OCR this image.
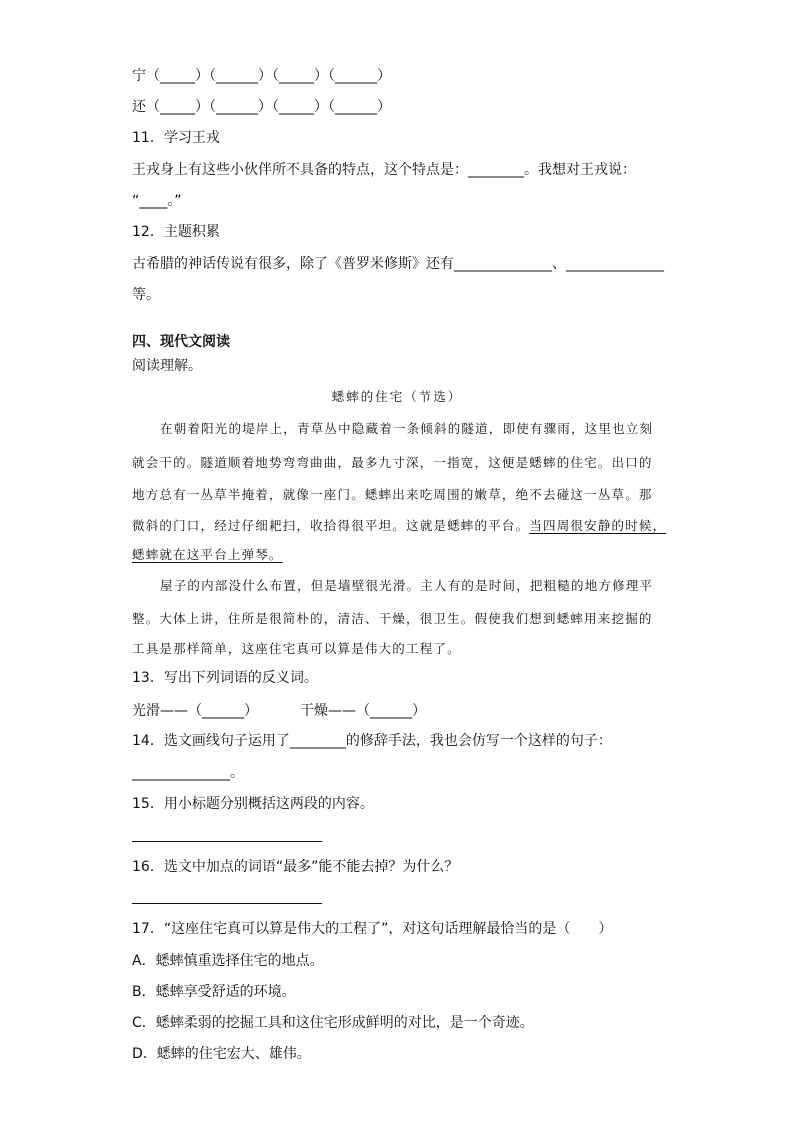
宁（_____）（______）（_____）（______）
还（_____）（______）（_____）（______）
11．学习王戎
王戎身上有这些小伙伴所不具备的特点，这个特点是：________。我想对王戎说：
“____。”
12．主题积累
古希腊的神话传说有很多，除了《普罗米修斯》还有______________、______________
等。
四、现代文阅读
阅读理解。
蟋蟀的住宅（节选）
在朝着阳光的堤岸上，青草丛中隐藏着一条倾斜的隧道，即使有骤雨，这里也立刻
就会干的。隧道顺着地势弯弯曲曲，最多九寸深，一指宽，这便是蟋蟀的住宅。出口的
地方总有一丛草半掩着，就像一座门。蟋蟀出来吃周围的嫩草，绝不去碰这一丛草。那
微斜的门口，经过仔细耙扫，收拾得很平坦。这就是蟋蟀的平台。当四周很安静的时候，
蟋蟀就在这平台上弹琴。
屋子的内部没什么布置，但是墙壁很光滑。主人有的是时间，把粗糙的地方修理平
整。大体上讲，住所是很简朴的，清洁、干燥，很卫生。假使我们想到蟋蟀用来挖掘的
工具是那样简单，这座住宅真可以算是伟大的工程了。
13．写出下列词语的反义词。
光滑——（______）	干燥——（______）
14．选文画线句子运用了________的修辞手法，我也会仿写一个这样的句子：
______________。
15．用小标题分别概括这两段的内容。
16．选文中加点的词语“最多”能不能去掉？为什么？
17．“这座住宅真可以算是伟大的工程了”，对这句话理解最恰当的是（　　）
A．蟋蟀慎重选择住宅的地点。
B．蟋蟀享受舒适的环境。
C．蟋蟀柔弱的挖掘工具和这住宅形成鲜明的对比，是一个奇迹。
D．蟋蟀的住宅宏大、雄伟。
